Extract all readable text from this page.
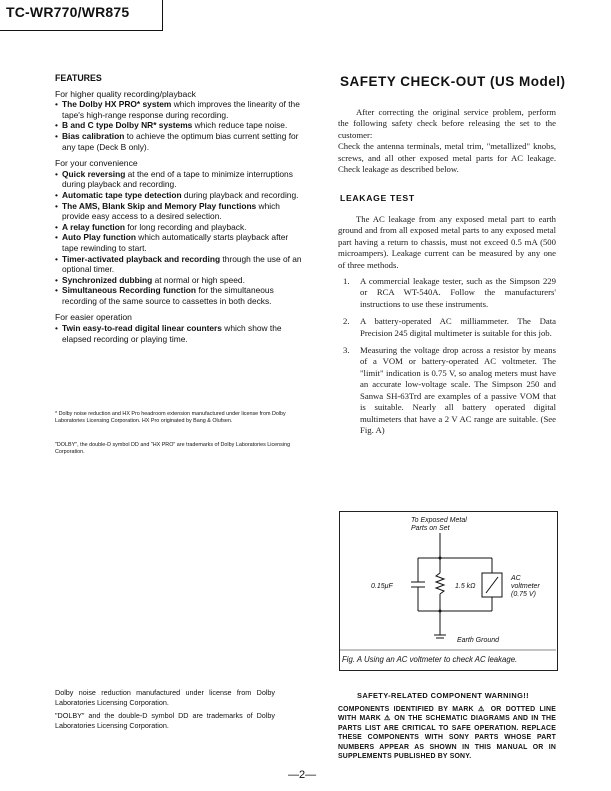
TC-WR770/WR875

FEATURES

For higher quality recording/playback

• The Dolby HX PRO* system which improves the linearity of the tape's high-range response during recording.
• B and C type Dolby NR* systems which reduce tape noise.
• Bias calibration to achieve the optimum bias current setting for any tape (Deck B only).

For your convenience

• Quick reversing at the end of a tape to minimize interruptions during playback and recording.
• Automatic tape type detection during playback and recording.
• The AMS, Blank Skip and Memory Play functions which provide easy access to a desired selection.
• A relay function for long recording and playback.
• Auto Play function which automatically starts playback after tape rewinding to start.
• Timer-activated playback and recording through the use of an optional timer.
• Synchronized dubbing at normal or high speed.
• Simultaneous Recording function for the simultaneous recording of the same source to cassettes in both decks.

For easier operation

• Twin easy-to-read digital linear counters which show the elapsed recording or playing time.
* Dolby noise reduction and HX Pro headroom extension manufactured under license from Dolby Laboratories Licensing Corporation. HX Pro originated by Bang & Olufsen.
"DOLBY", the double-D symbol DD and "HX PRO" are trademarks of Dolby Laboratories Licensing Corporation.
Dolby noise reduction manufactured under license from Dolby Laboratories Licensing Corporation.
"DOLBY" and the double-D symbol DD are trademarks of Dolby Laboratories Licensing Corporation.
SAFETY CHECK-OUT (US Model)

After correcting the original service problem, perform the following safety check before releasing the set to the customer:

Check the antenna terminals, metal trim, "metallized" knobs, screws, and all other exposed metal parts for AC leakage. Check leakage as described below.

LEAKAGE TEST

The AC leakage from any exposed metal part to earth ground and from all exposed metal parts to any exposed metal part having a return to chassis, must not exceed 0.5 mA (500 microampers). Leakage current can be measured by any one of three methods.

1. A commercial leakage tester, such as the Simpson 229 or RCA WT-540A. Follow the manufacturers' instructions to use these instruments.
2. A battery-operated AC milliammeter. The Data Precision 245 digital multimeter is suitable for this job.
3. Measuring the voltage drop across a resistor by means of a VOM or battery-operated AC voltmeter. The "limit" indication is 0.75 V, so analog meters must have an accurate low-voltage scale. The Simpson 250 and Sanwa SH-63Trd are examples of a passive VOM that is suitable. Nearly all battery operated digital multimeters that have a 2 V AC range are suitable. (See Fig. A)
To Exposed Metal
Parts on Set
0.15μF	1.5 kΩ
AC
voltmeter
(0.75 V)
Earth Ground
Fig. A Using an AC voltmeter to check AC leakage.
SAFETY-RELATED COMPONENT WARNING!!
COMPONENTS IDENTIFIED BY MARK ⚠ OR DOTTED LINE WITH MARK ⚠ ON THE SCHEMATIC DIAGRAMS AND IN THE PARTS LIST ARE CRITICAL TO SAFE OPERATION. REPLACE THESE COMPONENTS WITH SONY PARTS WHOSE PART NUMBERS APPEAR AS SHOWN IN THIS MANUAL OR IN SUPPLEMENTS PUBLISHED BY SONY.
—2—
